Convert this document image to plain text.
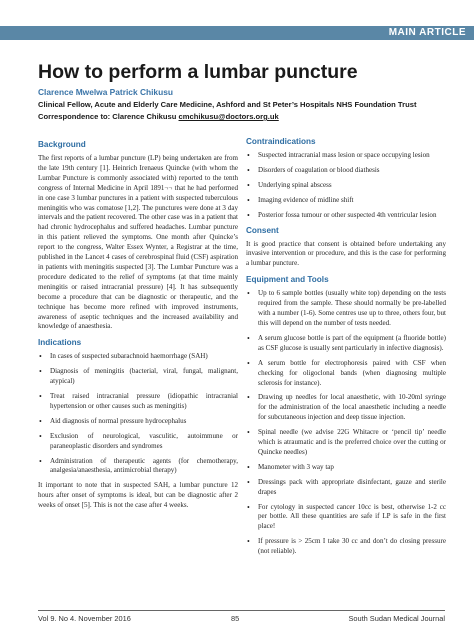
MAIN ARTICLE
How to perform a lumbar puncture
Clarence Mwelwa Patrick Chikusu
Clinical Fellow, Acute and Elderly Care Medicine, Ashford and St Peter’s Hospitals NHS Foundation Trust
Correspondence to: Clarence Chikusu cmchikusu@doctors.org.uk
Background

The first reports of a lumbar puncture (LP) being undertaken are from the late 19th century [1]. Heinrich Irenaeus Quincke (with whom the Lumbar Puncture is commonly associated with) reported to the tenth congress of Internal Medicine in April 1891¬¬ that he had performed in one case 3 lumbar punctures in a patient with suspected tuberculous meningitis who was comatose [1,2]. The punctures were done at 3 day intervals and the patient recovered. The other case was in a patient that had chronic hydrocephalus and suffered headaches. Lumbar puncture in this patient relieved the symptoms. One month after Quincke’s report to the congress, Walter Essex Wynter, a Registrar at the time, published in the Lancet 4 cases of cerebrospinal fluid (CSF) aspiration in patients with meningitis suspected [3]. The Lumbar Puncture was a procedure dedicated to the relief of symptoms (at that time mainly meningitis or raised intracranial pressure) [4]. It has subsequently become a procedure that can be diagnostic or therapeutic, and the technique has become more refined with improved instruments, awareness of aseptic techniques and the increased availability and knowledge of anaesthesia.

Indications
• In cases of suspected subarachnoid haemorrhage (SAH)
• Diagnosis of meningitis (bacterial, viral, fungal, malignant, atypical)
• Treat raised intracranial pressure (idiopathic intracranial hypertension or other causes such as meningitis)
• Aid diagnosis of normal pressure hydrocephalus
• Exclusion of neurological, vasculitic, autoimmune or paraneoplastic disorders and syndromes
• Administration of therapeutic agents (for chemotherapy, analgesia/anaesthesia, antimicrobial therapy)

It important to note that in suspected SAH, a lumbar puncture 12 hours after onset of symptoms is ideal, but can be diagnostic after 2 weeks of onset [5]. This is not the case after 4 weeks.

Contraindications
• Suspected intracranial mass lesion or space occupying lesion
• Disorders of coagulation or blood diathesis
• Underlying spinal abscess
• Imaging evidence of midline shift
• Posterior fossa tumour or other suspected 4th ventricular lesion
Consent

It is good practice that consent is obtained before undertaking any invasive intervention or procedure, and this is the case for performing a lumbar puncture.

Equipment and Tools
• Up to 6 sample bottles (usually white top) depending on the tests required from the sample. These should normally be pre-labelled with a number (1-6). Some centres use up to three, others four, but this will depend on the number of tests needed.
• A serum glucose bottle is part of the equipment (a fluoride bottle) as CSF glucose is usually sent particularly in infective diagnosis).
• A serum bottle for electrophoresis paired with CSF when checking for oligoclonal bands (when diagnosing multiple sclerosis for instance).
• Drawing up needles for local anaesthetic, with 10-20ml syringe for the administration of the local anaesthetic including a needle for subcutaneous injection and deep tissue injection.
• Spinal needle (we advise 22G Whitacre or ‘pencil tip’ needle which is atraumatic and is the preferred choice over the cutting or Quincke needles)
• Manometer with 3 way tap
• Dressings pack with appropriate disinfectant, gauze and sterile drapes
• For cytology in suspected cancer 10cc is best, otherwise 1-2 cc per bottle. All these quantities are safe if LP is safe in the first place!
• If pressure is > 25cm I take 30 cc and don’t do closing pressure (not reliable).
Vol 9. No 4. November 2016	85	South Sudan Medical Journal
